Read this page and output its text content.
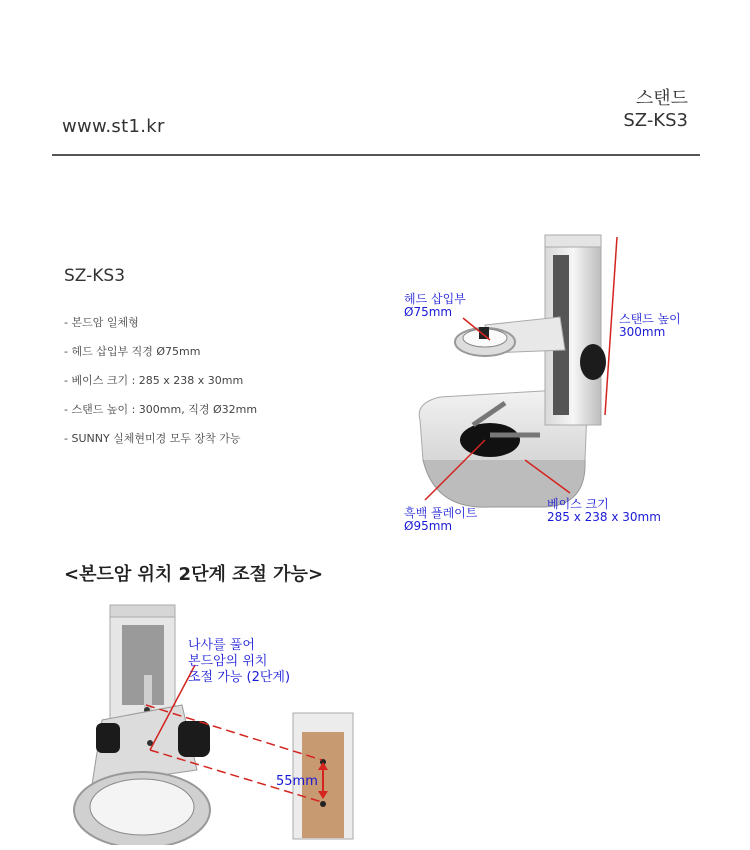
www.st1.kr
스탠드
SZ-KS3
SZ-KS3
- 본드암 일체형
- 헤드 삽입부 직경 Ø75mm
- 베이스 크기 : 285 x 238 x 30mm
- 스탠드 높이 : 300mm, 직경 Ø32mm
- SUNNY 실체현미경 모두 장착 가능
헤드 삽입부
Ø75mm	스탠드 높이
300mm
흑백 플레이트
Ø95mm
베이스 크기
285 x 238 x 30mm
<본드암 위치 2단계 조절 가능>
나사를 풀어
본드암의 위치
조절 가능 (2단계)
55mm
